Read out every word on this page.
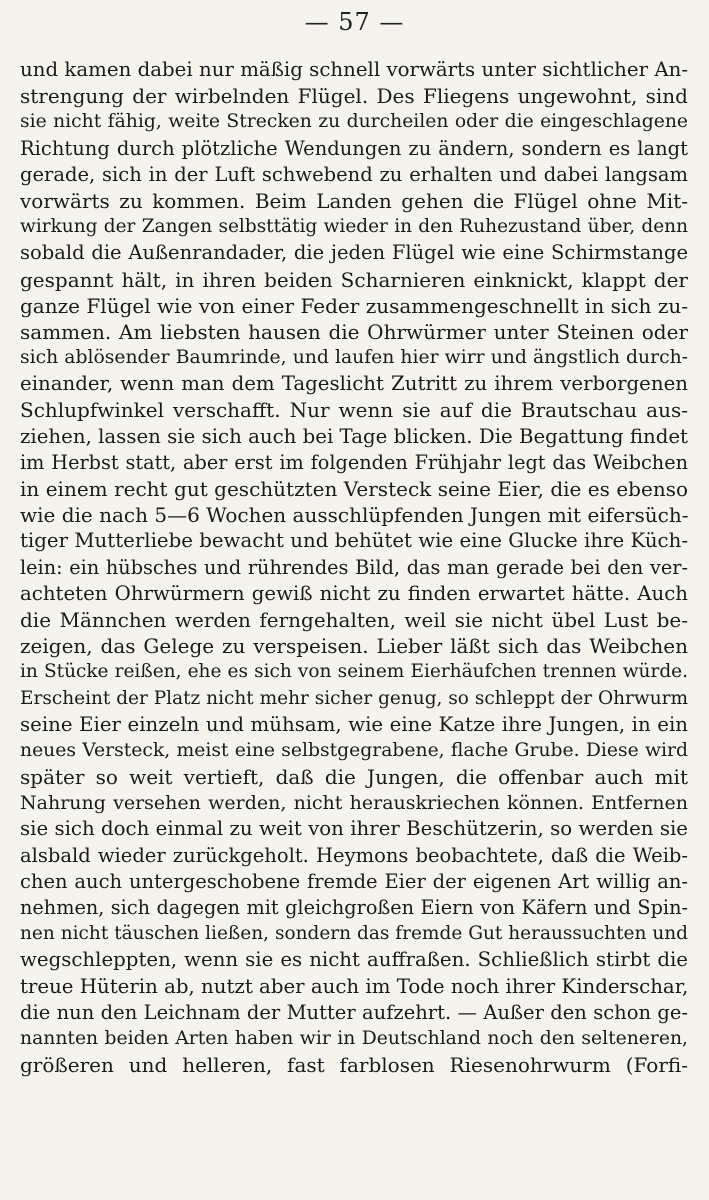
— 57 —
und kamen dabei nur mäßig schnell vorwärts unter sichtlicher An-
strengung der wirbelnden Flügel. Des Fliegens ungewohnt, sind
sie nicht fähig, weite Strecken zu durcheilen oder die eingeschlagene
Richtung durch plötzliche Wendungen zu ändern, sondern es langt
gerade, sich in der Luft schwebend zu erhalten und dabei langsam
vorwärts zu kommen. Beim Landen gehen die Flügel ohne Mit-
wirkung der Zangen selbsttätig wieder in den Ruhezustand über, denn
sobald die Außenrandader, die jeden Flügel wie eine Schirmstange
gespannt hält, in ihren beiden Scharnieren einknickt, klappt der
ganze Flügel wie von einer Feder zusammengeschnellt in sich zu-
sammen. Am liebsten hausen die Ohrwürmer unter Steinen oder
sich ablösender Baumrinde, und laufen hier wirr und ängstlich durch-
einander, wenn man dem Tageslicht Zutritt zu ihrem verborgenen
Schlupfwinkel verschafft. Nur wenn sie auf die Brautschau aus-
ziehen, lassen sie sich auch bei Tage blicken. Die Begattung findet
im Herbst statt, aber erst im folgenden Frühjahr legt das Weibchen
in einem recht gut geschützten Versteck seine Eier, die es ebenso
wie die nach 5—6 Wochen ausschlüpfenden Jungen mit eifersüch-
tiger Mutterliebe bewacht und behütet wie eine Glucke ihre Küch-
lein: ein hübsches und rührendes Bild, das man gerade bei den ver-
achteten Ohrwürmern gewiß nicht zu finden erwartet hätte. Auch
die Männchen werden ferngehalten, weil sie nicht übel Lust be-
zeigen, das Gelege zu verspeisen. Lieber läßt sich das Weibchen
in Stücke reißen, ehe es sich von seinem Eierhäufchen trennen würde.
Erscheint der Platz nicht mehr sicher genug, so schleppt der Ohrwurm
seine Eier einzeln und mühsam, wie eine Katze ihre Jungen, in ein
neues Versteck, meist eine selbstgegrabene, flache Grube. Diese wird
später so weit vertieft, daß die Jungen, die offenbar auch mit
Nahrung versehen werden, nicht herauskriechen können. Entfernen
sie sich doch einmal zu weit von ihrer Beschützerin, so werden sie
alsbald wieder zurückgeholt. Heymons beobachtete, daß die Weib-
chen auch untergeschobene fremde Eier der eigenen Art willig an-
nehmen, sich dagegen mit gleichgroßen Eiern von Käfern und Spin-
nen nicht täuschen ließen, sondern das fremde Gut heraussuchten und
wegschleppten, wenn sie es nicht auffraßen. Schließlich stirbt die
treue Hüterin ab, nutzt aber auch im Tode noch ihrer Kinderschar,
die nun den Leichnam der Mutter aufzehrt. — Außer den schon ge-
nannten beiden Arten haben wir in Deutschland noch den selteneren,
größeren und helleren, fast farblosen Riesenohrwurm (Forfi-
